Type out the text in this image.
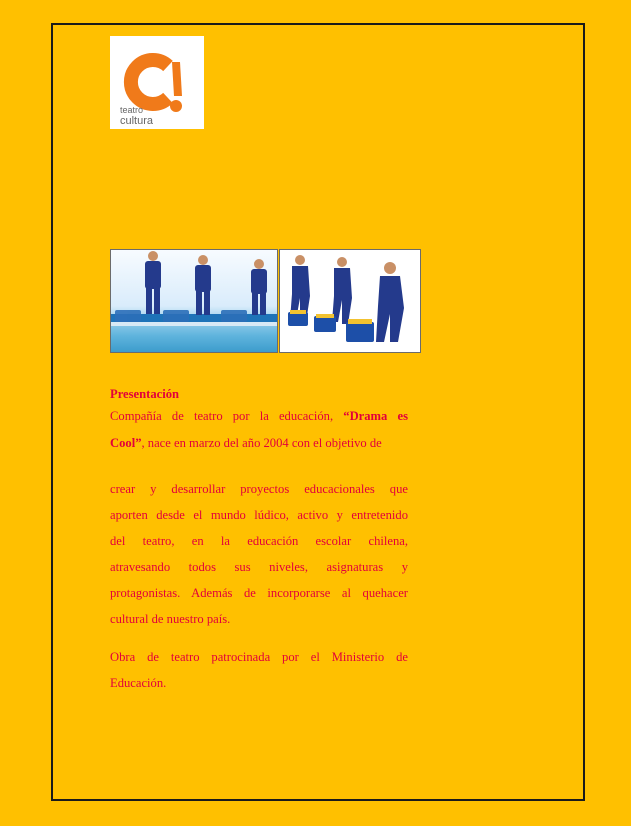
teatro
cultura

Presentación

Compañía de teatro por la educación, “Drama es

Cool”, nace en marzo del año 2004 con el objetivo de

crear y desarrollar proyectos educacionales que

aporten desde el mundo lúdico, activo y entretenido

del teatro, en la educación escolar chilena,

atravesando todos sus niveles, asignaturas y

protagonistas. Además de incorporarse al quehacer

cultural de nuestro país.

Obra de teatro patrocinada por el Ministerio de

Educación.
